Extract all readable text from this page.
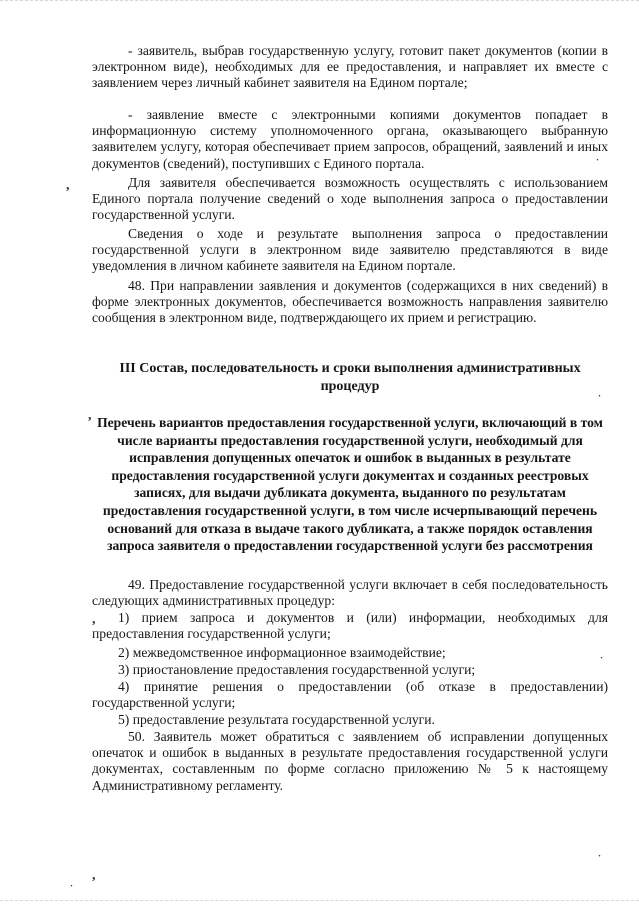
- заявитель, выбрав государственную услугу, готовит пакет документов (копии в электронном виде), необходимых для ее предоставления, и направляет их вместе с заявлением через личный кабинет заявителя на Едином портале;

- заявление вместе с электронными копиями документов попадает в информационную систему уполномоченного органа, оказывающего выбранную заявителем услугу, которая обеспечивает прием запросов, обращений, заявлений и иных документов (сведений), поступивших с Единого портала.

Для заявителя обеспечивается возможность осуществлять с использованием Единого портала получение сведений о ходе выполнения запроса о предоставлении государственной услуги.

Сведения о ходе и результате выполнения запроса о предоставлении государственной услуги в электронном виде заявителю представляются в виде уведомления в личном кабинете заявителя на Едином портале.

48. При направлении заявления и документов (содержащихся в них сведений) в форме электронных документов, обеспечивается возможность направления заявителю сообщения в электронном виде, подтверждающего их прием и регистрацию.

III Состав, последовательность и сроки выполнения административных процедур
Перечень вариантов предоставления государственной услуги, включающий в том числе варианты предоставления государственной услуги, необходимый для исправления допущенных опечаток и ошибок в выданных в результате предоставления государственной услуги документах и созданных реестровых записях, для выдачи дубликата документа, выданного по результатам предоставления государственной услуги, в том числе исчерпывающий перечень оснований для отказа в выдаче такого дубликата, а также порядок оставления запроса заявителя о предоставлении государственной услуги без рассмотрения

49. Предоставление государственной услуги включает в себя последовательность следующих административных процедур:

1) прием запроса и документов и (или) информации, необходимых для предоставления государственной услуги;

2) межведомственное информационное взаимодействие;

3) приостановление предоставления государственной услуги;

4) принятие решения о предоставлении (об отказе в предоставлении) государственной услуги;

5) предоставление результата государственной услуги.

50. Заявитель может обратиться с заявлением об исправлении допущенных опечаток и ошибок в выданных в результате предоставления государственной услуги документах, составленным по форме согласно приложению № 5 к настоящему Административному регламенту.

,
,
,
,
·
·
·
·
·
